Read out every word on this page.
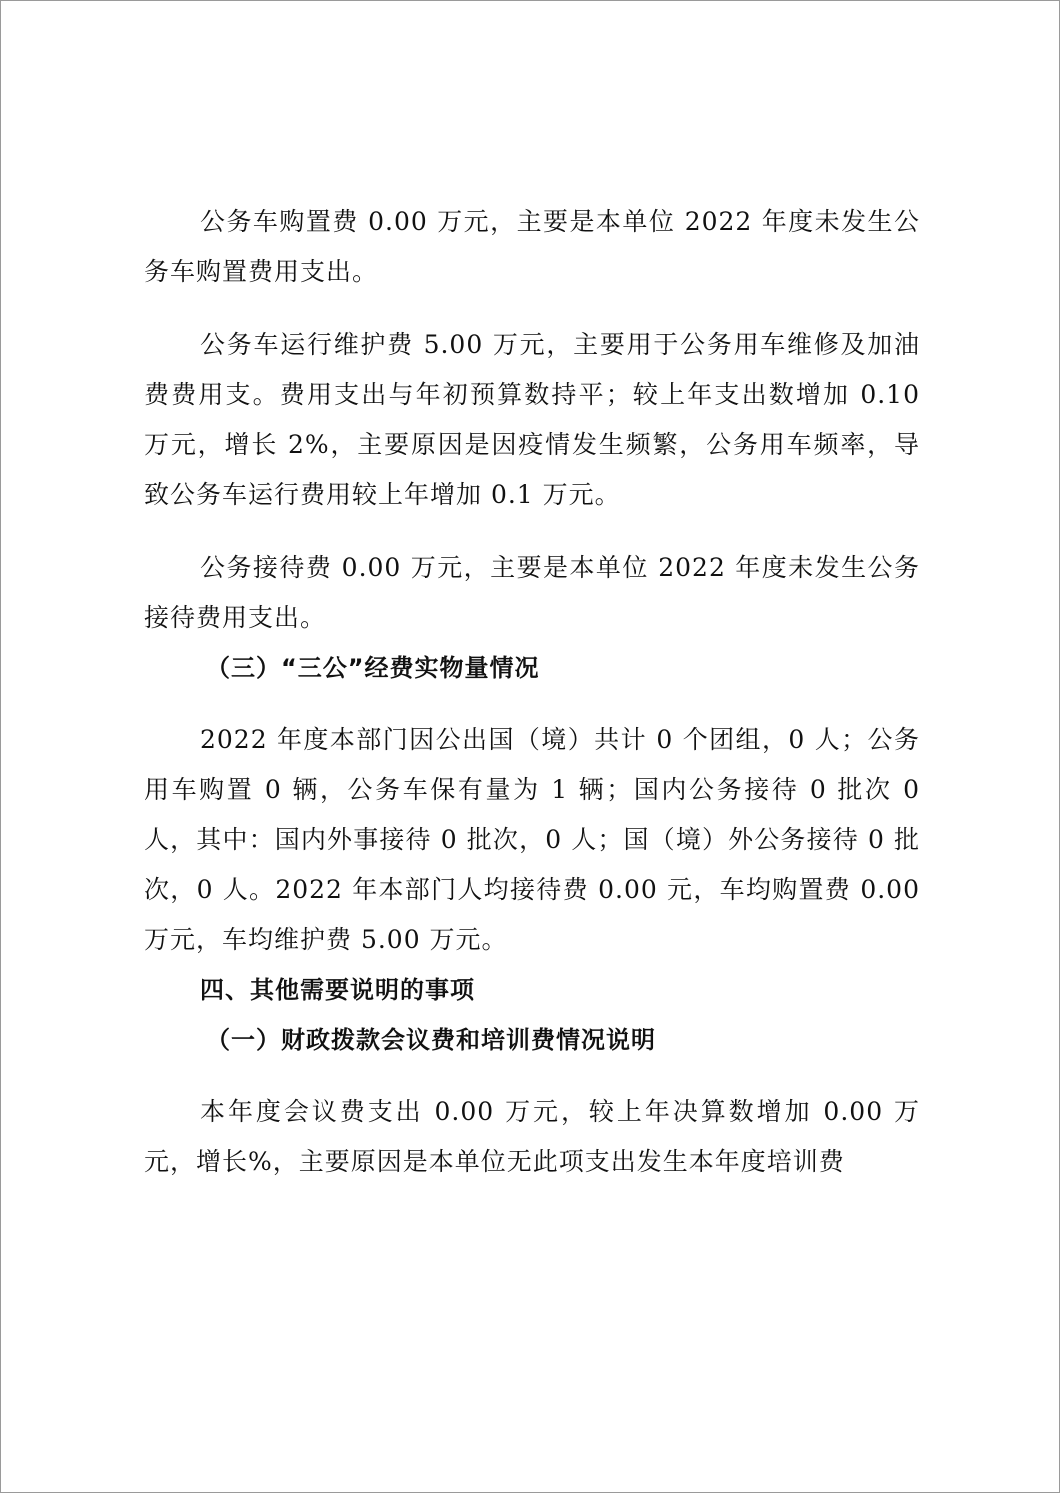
公务车购置费 0.00 万元，主要是本单位 2022 年度未发生公务车购置费用支出。

公务车运行维护费 5.00 万元，主要用于公务用车维修及加油费费用支。费用支出与年初预算数持平；较上年支出数增加 0.10 万元，增长 2%，主要原因是因疫情发生频繁，公务用车频率，导致公务车运行费用较上年增加 0.1 万元。

公务接待费 0.00 万元，主要是本单位 2022 年度未发生公务接待费用支出。

（三）“三公”经费实物量情况

2022 年度本部门因公出国（境）共计 0 个团组，0 人；公务用车购置 0 辆，公务车保有量为 1 辆；国内公务接待 0 批次 0 人，其中：国内外事接待 0 批次，0 人；国（境）外公务接待 0 批次，0 人。2022 年本部门人均接待费 0.00 元，车均购置费 0.00 万元，车均维护费 5.00 万元。

四、其他需要说明的事项

（一）财政拨款会议费和培训费情况说明

本年度会议费支出 0.00 万元，较上年决算数增加 0.00 万元，增长%，主要原因是本单位无此项支出发生本年度培训费
